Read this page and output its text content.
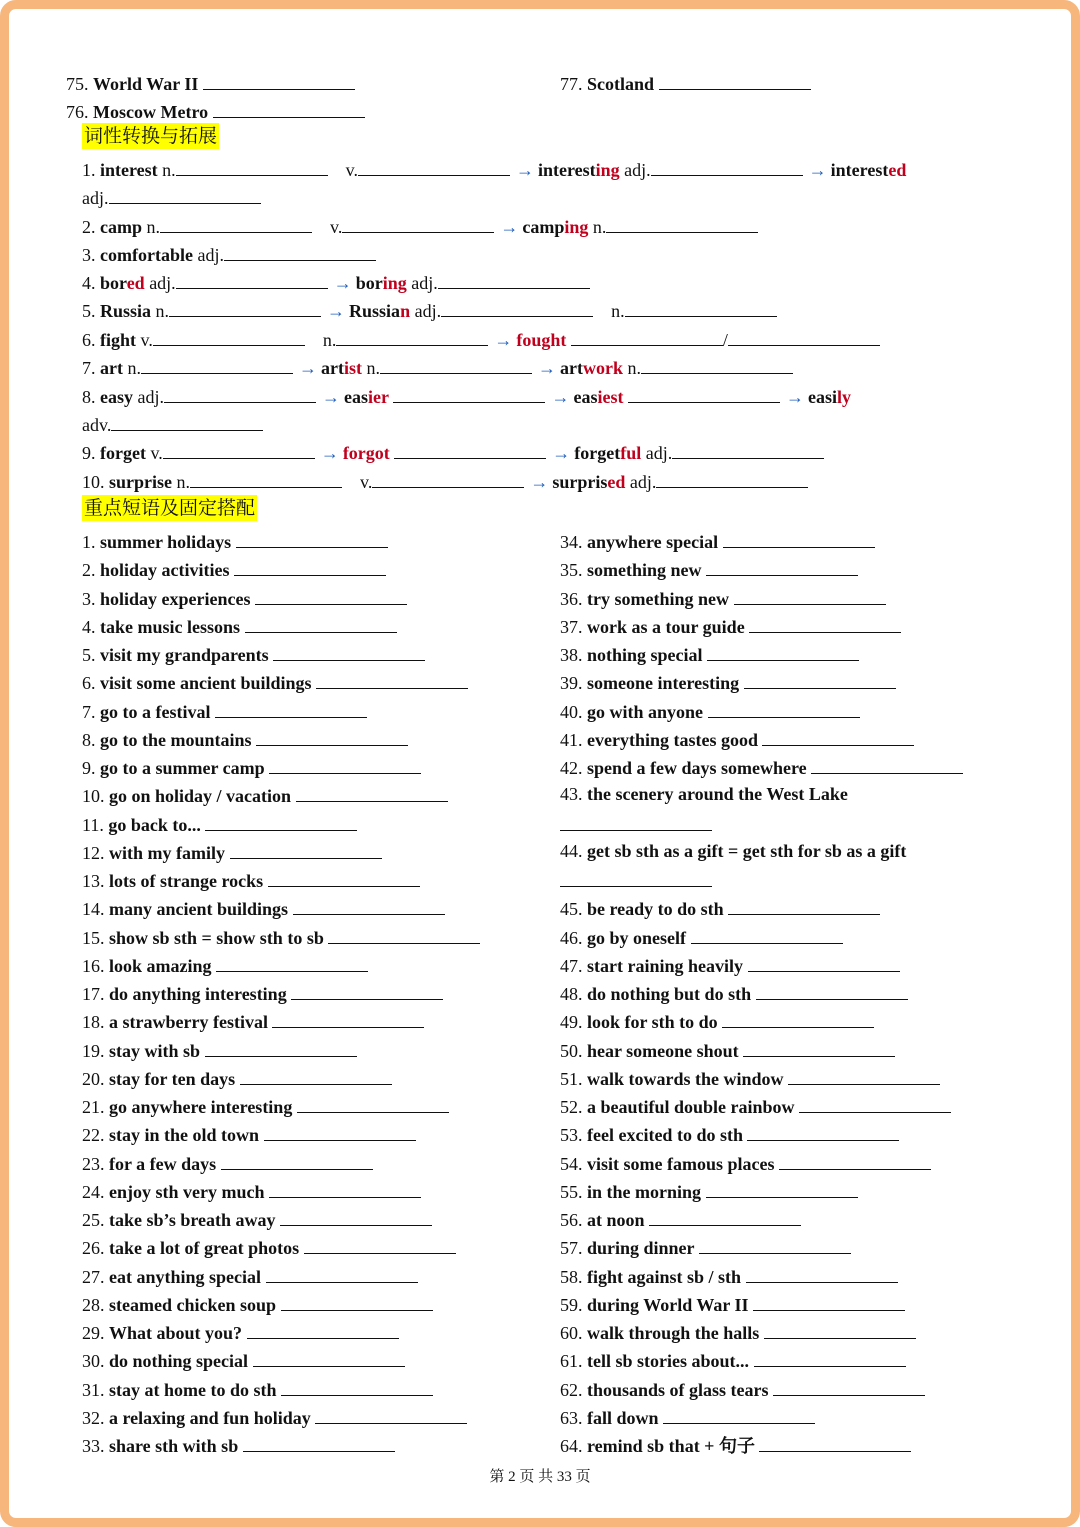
75. World War II
76. Moscow Metro
77. Scotland
词性转换与拓展
1. interest n.	v.	→ interesting adj.	→ interested
adj.
2. camp n.	v.	→ camping n.
3. comfortable adj.
4. bored adj.	→ boring adj.
5. Russia n.	→ Russian adj.	n.
6. fight v.	n.	→ fought	/
7. art n.	→ artist n.	→ artwork n.
8. easy adj.	→ easier	→ easiest	→ easily
adv.
9. forget v.	→ forgot	→ forgetful adj.
10. surprise n.	v.	→ surprised adj.
重点短语及固定搭配
1. summer holidays
2. holiday activities
3. holiday experiences
4. take music lessons
5. visit my grandparents
6. visit some ancient buildings
7. go to a festival
8. go to the mountains
9. go to a summer camp
10. go on holiday / vacation
11. go back to...
12. with my family
13. lots of strange rocks
14. many ancient buildings
15. show sb sth = show sth to sb
16. look amazing
17. do anything interesting
18. a strawberry festival
19. stay with sb
20. stay for ten days
21. go anywhere interesting
22. stay in the old town
23. for a few days
24. enjoy sth very much
25. take sb’s breath away
26. take a lot of great photos
27. eat anything special
28. steamed chicken soup
29. What about you?
30. do nothing special
31. stay at home to do sth
32. a relaxing and fun holiday
33. share sth with sb
34. anywhere special
35. something new
36. try something new
37. work as a tour guide
38. nothing special
39. someone interesting
40. go with anyone
41. everything tastes good
42. spend a few days somewhere
43. the scenery around the West Lake
44. get sb sth as a gift = get sth for sb as a gift
45. be ready to do sth
46. go by oneself
47. start raining heavily
48. do nothing but do sth
49. look for sth to do
50. hear someone shout
51. walk towards the window
52. a beautiful double rainbow
53. feel excited to do sth
54. visit some famous places
55. in the morning
56. at noon
57. during dinner
58. fight against sb / sth
59. during World War II
60. walk through the halls
61. tell sb stories about...
62. thousands of glass tears
63. fall down
64. remind sb that + 句子
第 2 页 共 33 页
